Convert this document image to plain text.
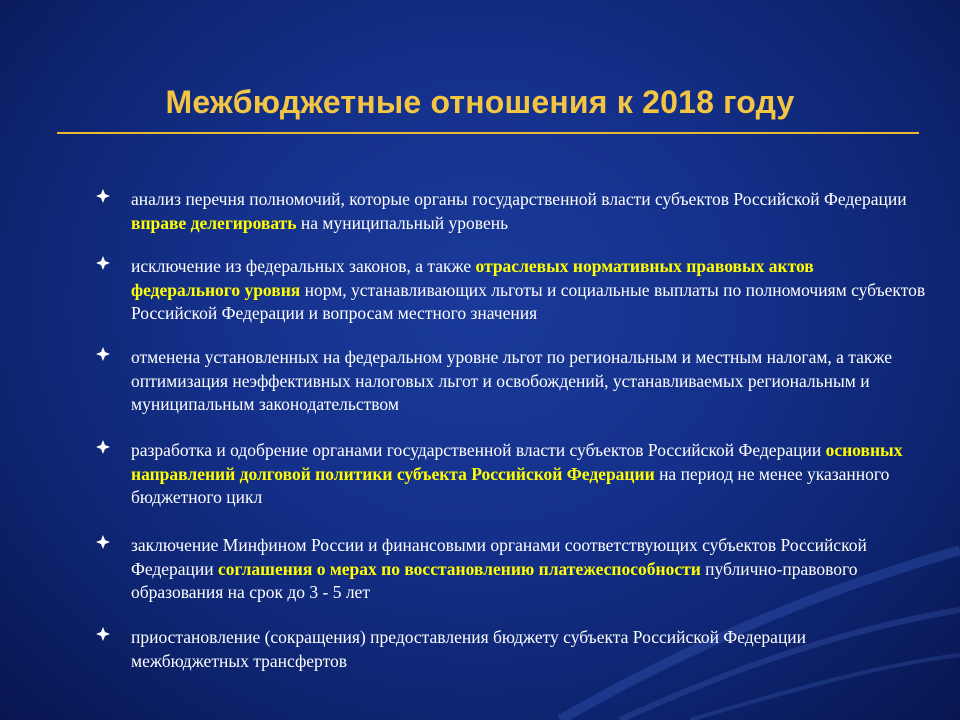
Межбюджетные отношения к 2018 году
анализ перечня полномочий, которые органы государственной власти субъектов Российской Федерации вправе делегировать на муниципальный уровень
исключение из федеральных законов, а также отраслевых нормативных правовых актов федерального уровня норм, устанавливающих льготы и социальные выплаты по полномочиям субъектов Российской Федерации и вопросам местного значения
отменена установленных на федеральном уровне льгот по региональным и местным налогам, а также оптимизация неэффективных налоговых льгот и освобождений, устанавливаемых региональным и муниципальным законодательством
разработка и одобрение органами государственной власти субъектов Российской Федерации основных направлений долговой политики субъекта Российской Федерации на период не менее указанного бюджетного цикл
заключение Минфином России и финансовыми органами соответствующих субъектов Российской Федерации соглашения о мерах по восстановлению платежеспособности публично-правового образования на срок до 3 - 5 лет
приостановление (сокращения) предоставления бюджету субъекта Российской Федерации межбюджетных трансфертов
